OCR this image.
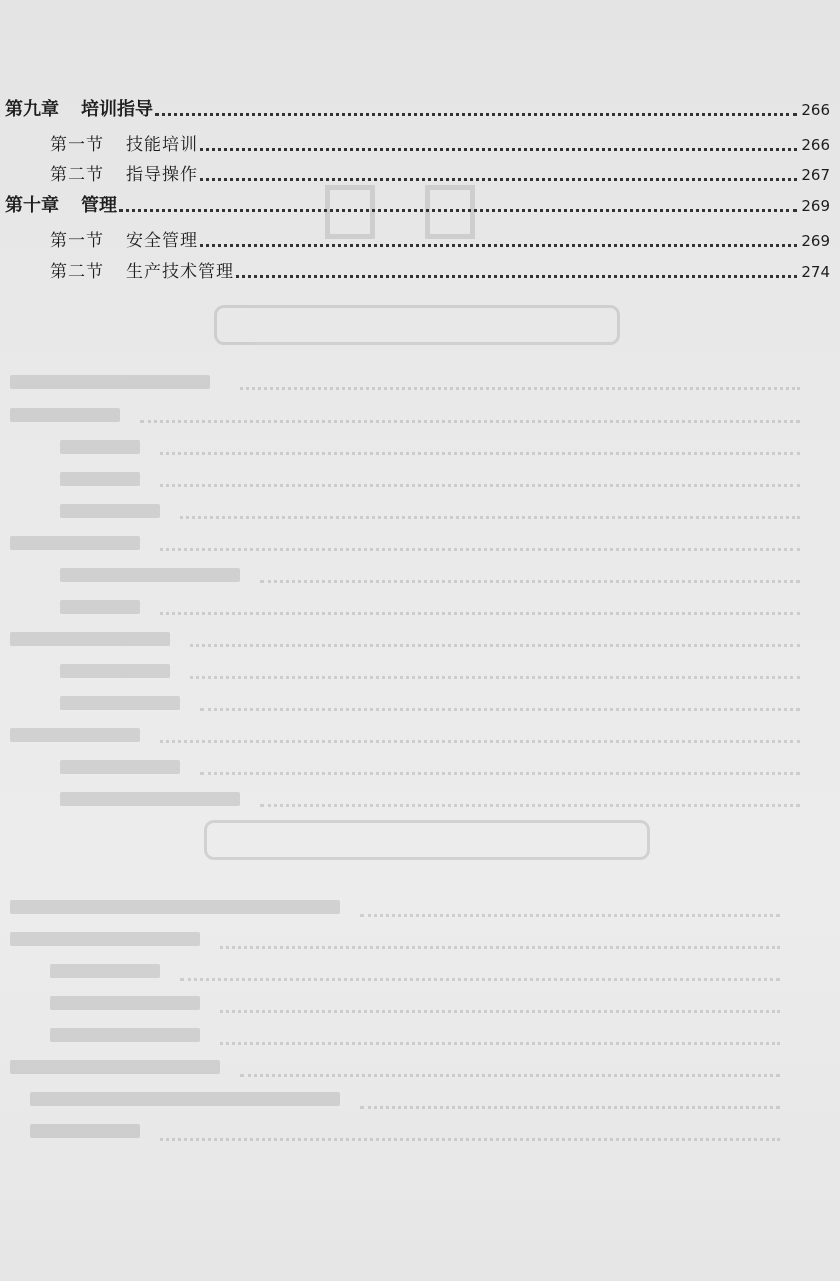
第九章 培训指导	266
第一节 技能培训	266
第二节 指导操作	267
第十章 管理	269
第一节 安全管理	269
第二节 生产技术管理	274
